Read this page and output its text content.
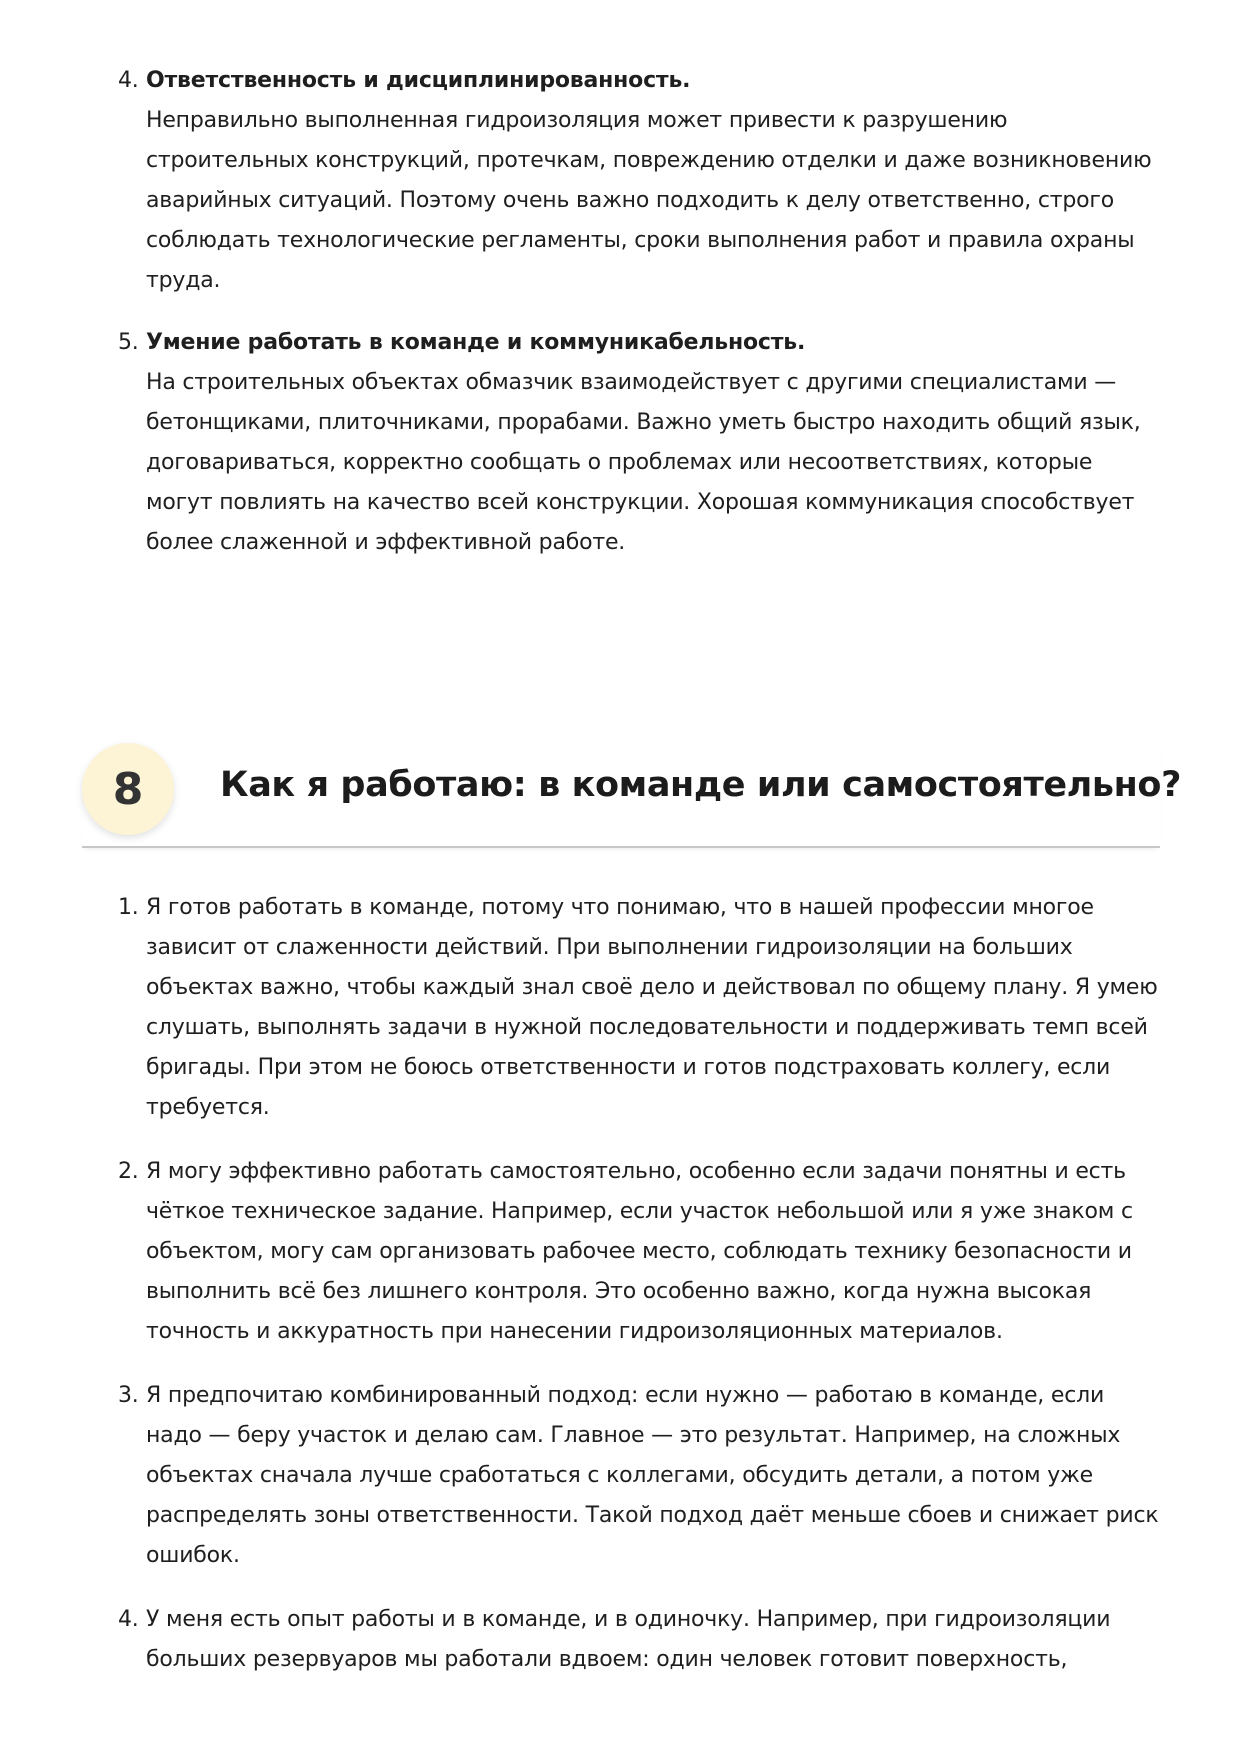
4. Ответственность и дисциплинированность.
Неправильно выполненная гидроизоляция может привести к разрушению
строительных конструкций, протечкам, повреждению отделки и даже возникновению
аварийных ситуаций. Поэтому очень важно подходить к делу ответственно, строго
соблюдать технологические регламенты, сроки выполнения работ и правила охраны
труда.
5. Умение работать в команде и коммуникабельность.
На строительных объектах обмазчик взаимодействует с другими специалистами —
бетонщиками, плиточниками, прорабами. Важно уметь быстро находить общий язык,
договариваться, корректно сообщать о проблемах или несоответствиях, которые
могут повлиять на качество всей конструкции. Хорошая коммуникация способствует
более слаженной и эффективной работе.
8	Как я работаю: в команде или самостоятельно?
1. Я готов работать в команде, потому что понимаю, что в нашей профессии многое
зависит от слаженности действий. При выполнении гидроизоляции на больших
объектах важно, чтобы каждый знал своё дело и действовал по общему плану. Я умею
слушать, выполнять задачи в нужной последовательности и поддерживать темп всей
бригады. При этом не боюсь ответственности и готов подстраховать коллегу, если
требуется.
2. Я могу эффективно работать самостоятельно, особенно если задачи понятны и есть
чёткое техническое задание. Например, если участок небольшой или я уже знаком с
объектом, могу сам организовать рабочее место, соблюдать технику безопасности и
выполнить всё без лишнего контроля. Это особенно важно, когда нужна высокая
точность и аккуратность при нанесении гидроизоляционных материалов.
3. Я предпочитаю комбинированный подход: если нужно — работаю в команде, если
надо — беру участок и делаю сам. Главное — это результат. Например, на сложных
объектах сначала лучше сработаться с коллегами, обсудить детали, а потом уже
распределять зоны ответственности. Такой подход даёт меньше сбоев и снижает риск
ошибок.
4. У меня есть опыт работы и в команде, и в одиночку. Например, при гидроизоляции
больших резервуаров мы работали вдвоем: один человек готовит поверхность,
